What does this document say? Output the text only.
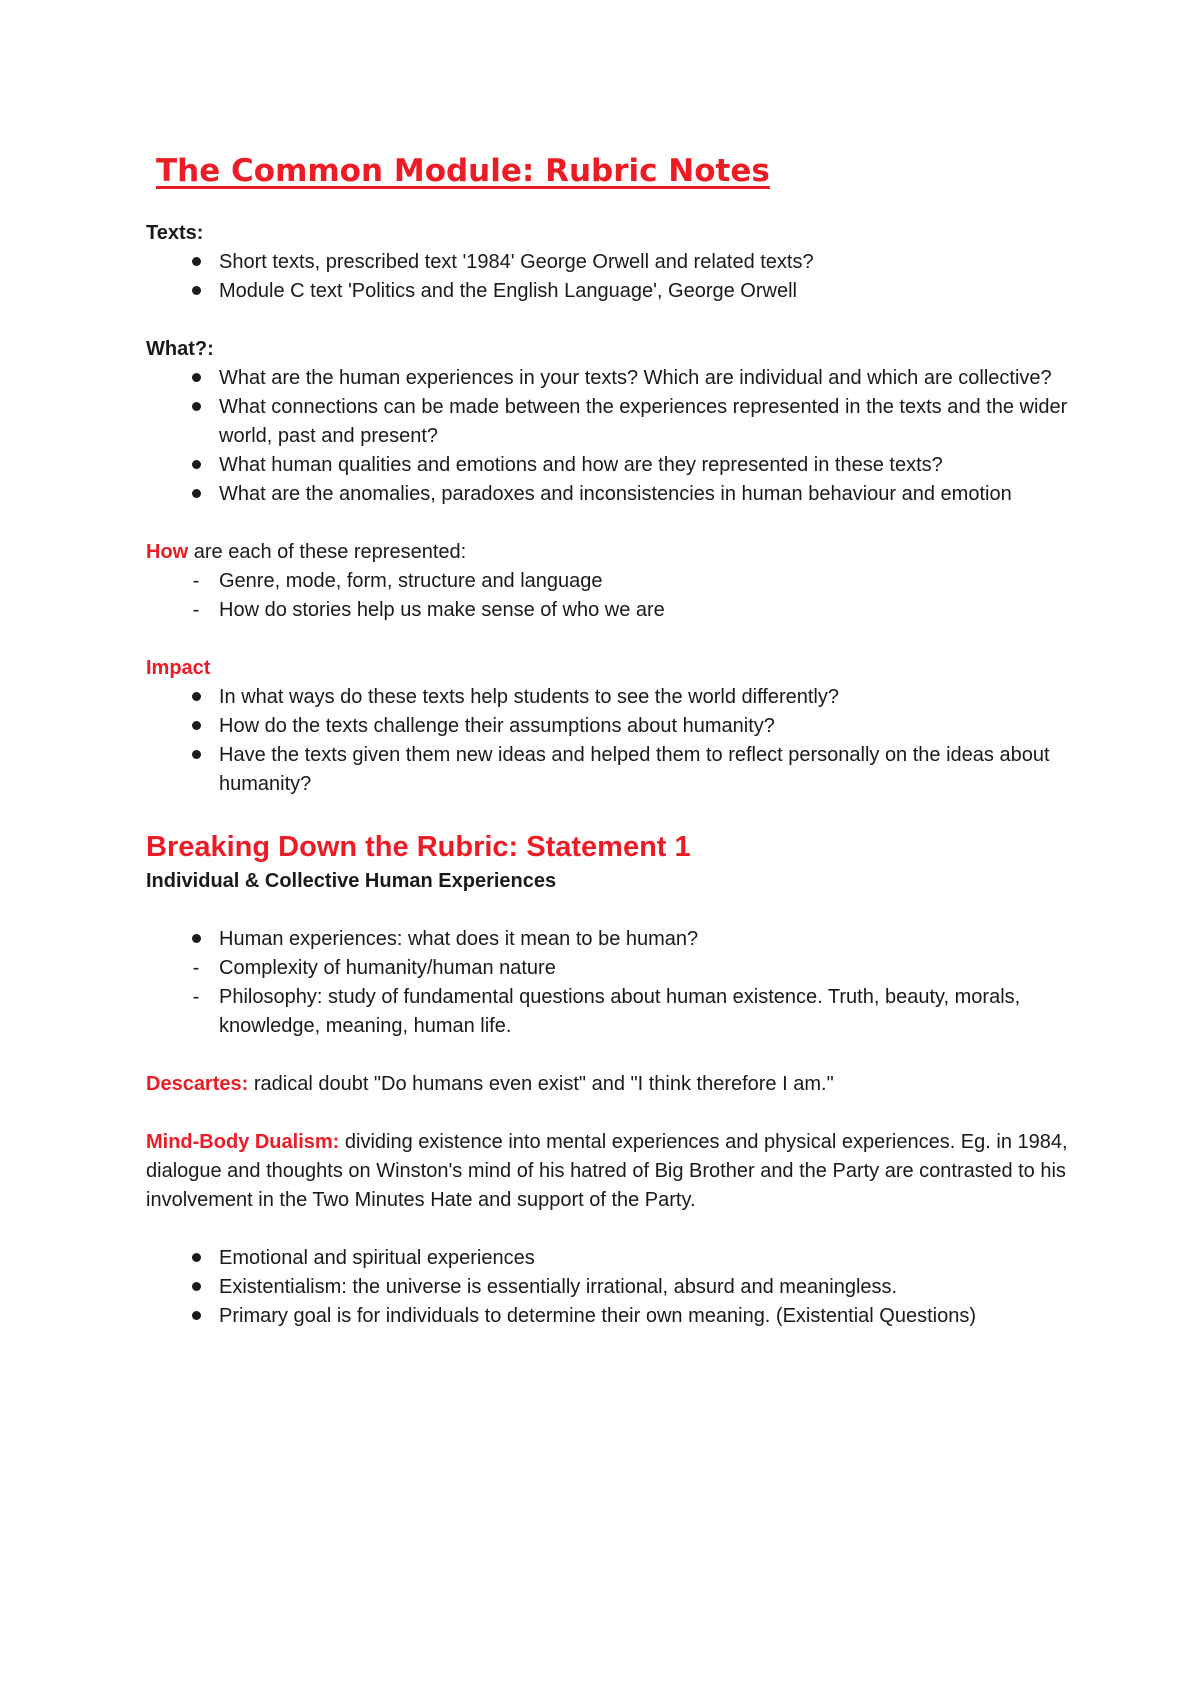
The Common Module: Rubric Notes

Texts:

Short texts, prescribed text '1984' George Orwell and related texts?
Module C text 'Politics and the English Language', George Orwell

What?:

What are the human experiences in your texts? Which are individual and which are collective?
What connections can be made between the experiences represented in the texts and the wider world, past and present?
What human qualities and emotions and how are they represented in these texts?
What are the anomalies, paradoxes and inconsistencies in human behaviour and emotion

How are each of these represented:

- Genre, mode, form, structure and language
- How do stories help us make sense of who we are

Impact

In what ways do these texts help students to see the world differently?
How do the texts challenge their assumptions about humanity?
Have the texts given them new ideas and helped them to reflect personally on the ideas about humanity?
Breaking Down the Rubric: Statement 1

Individual & Collective Human Experiences

Human experiences: what does it mean to be human?
- Complexity of humanity/human nature
- Philosophy: study of fundamental questions about human existence. Truth, beauty, morals, knowledge, meaning, human life.

Descartes: radical doubt "Do humans even exist" and "I think therefore I am."

Mind-Body Dualism: dividing existence into mental experiences and physical experiences. Eg. in 1984, dialogue and thoughts on Winston's mind of his hatred of Big Brother and the Party are contrasted to his involvement in the Two Minutes Hate and support of the Party.

Emotional and spiritual experiences
Existentialism: the universe is essentially irrational, absurd and meaningless.
Primary goal is for individuals to determine their own meaning. (Existential Questions)
